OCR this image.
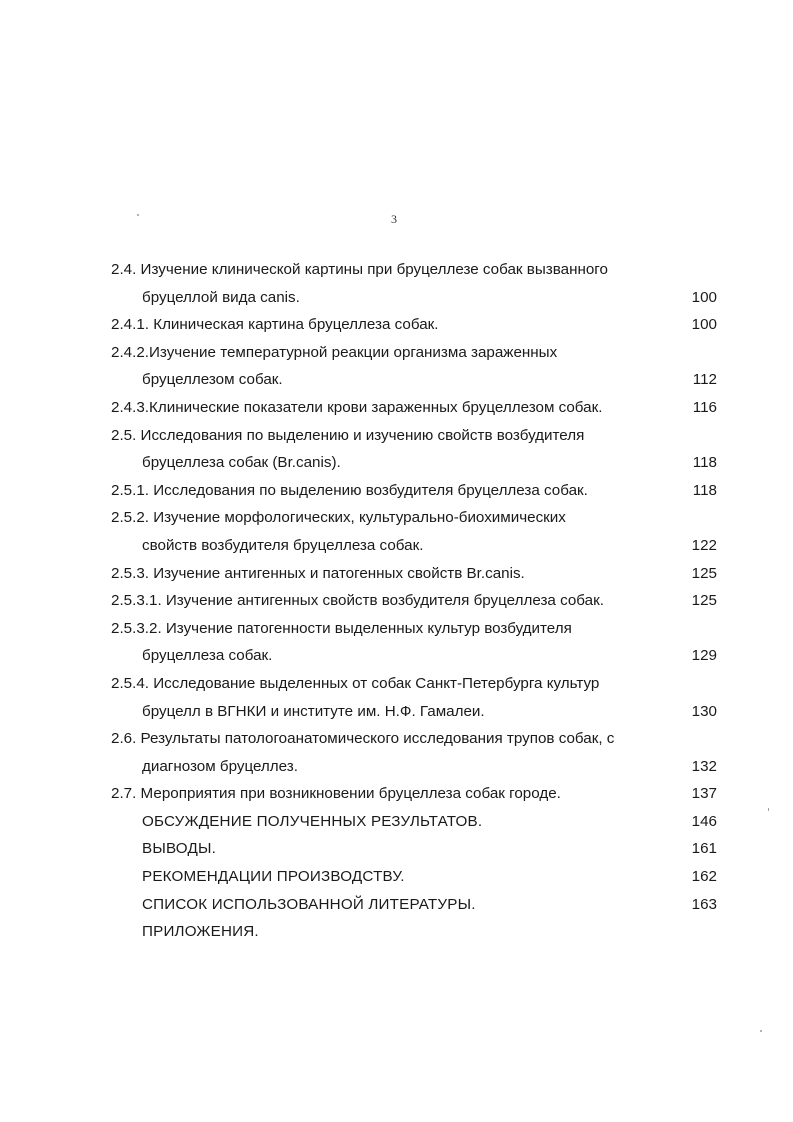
3
2.4. Изучение клинической картины при бруцеллезе собак вызванного
бруцеллой вида canis.	100
2.4.1. Клиническая картина бруцеллеза собак.	100
2.4.2.Изучение температурной реакции организма зараженных
бруцеллезом собак.	112
2.4.3.Клинические показатели крови зараженных бруцеллезом собак.	116
2.5. Исследования по выделению и изучению свойств возбудителя
бруцеллеза собак (Br.canis).	118
2.5.1. Исследования по выделению возбудителя бруцеллеза собак.	118
2.5.2. Изучение морфологических, культурально-биохимических
свойств возбудителя бруцеллеза собак.	122
2.5.3. Изучение антигенных и патогенных свойств Br.canis.	125
2.5.3.1. Изучение антигенных свойств возбудителя бруцеллеза собак.	125
2.5.3.2. Изучение патогенности выделенных культур возбудителя
бруцеллеза собак.	129
2.5.4. Исследование выделенных от собак Санкт-Петербурга культур
бруцелл в ВГНКИ и институте им. Н.Ф. Гамалеи.	130
2.6. Результаты патологоанатомического исследования трупов собак, с
диагнозом бруцеллез.	132
2.7. Мероприятия при возникновении бруцеллеза собак городе.	137
ОБСУЖДЕНИЕ ПОЛУЧЕННЫХ РЕЗУЛЬТАТОВ.	146
ВЫВОДЫ.	161
РЕКОМЕНДАЦИИ ПРОИЗВОДСТВУ.	162
СПИСОК ИСПОЛЬЗОВАННОЙ ЛИТЕРАТУРЫ.	163
ПРИЛОЖЕНИЯ.
